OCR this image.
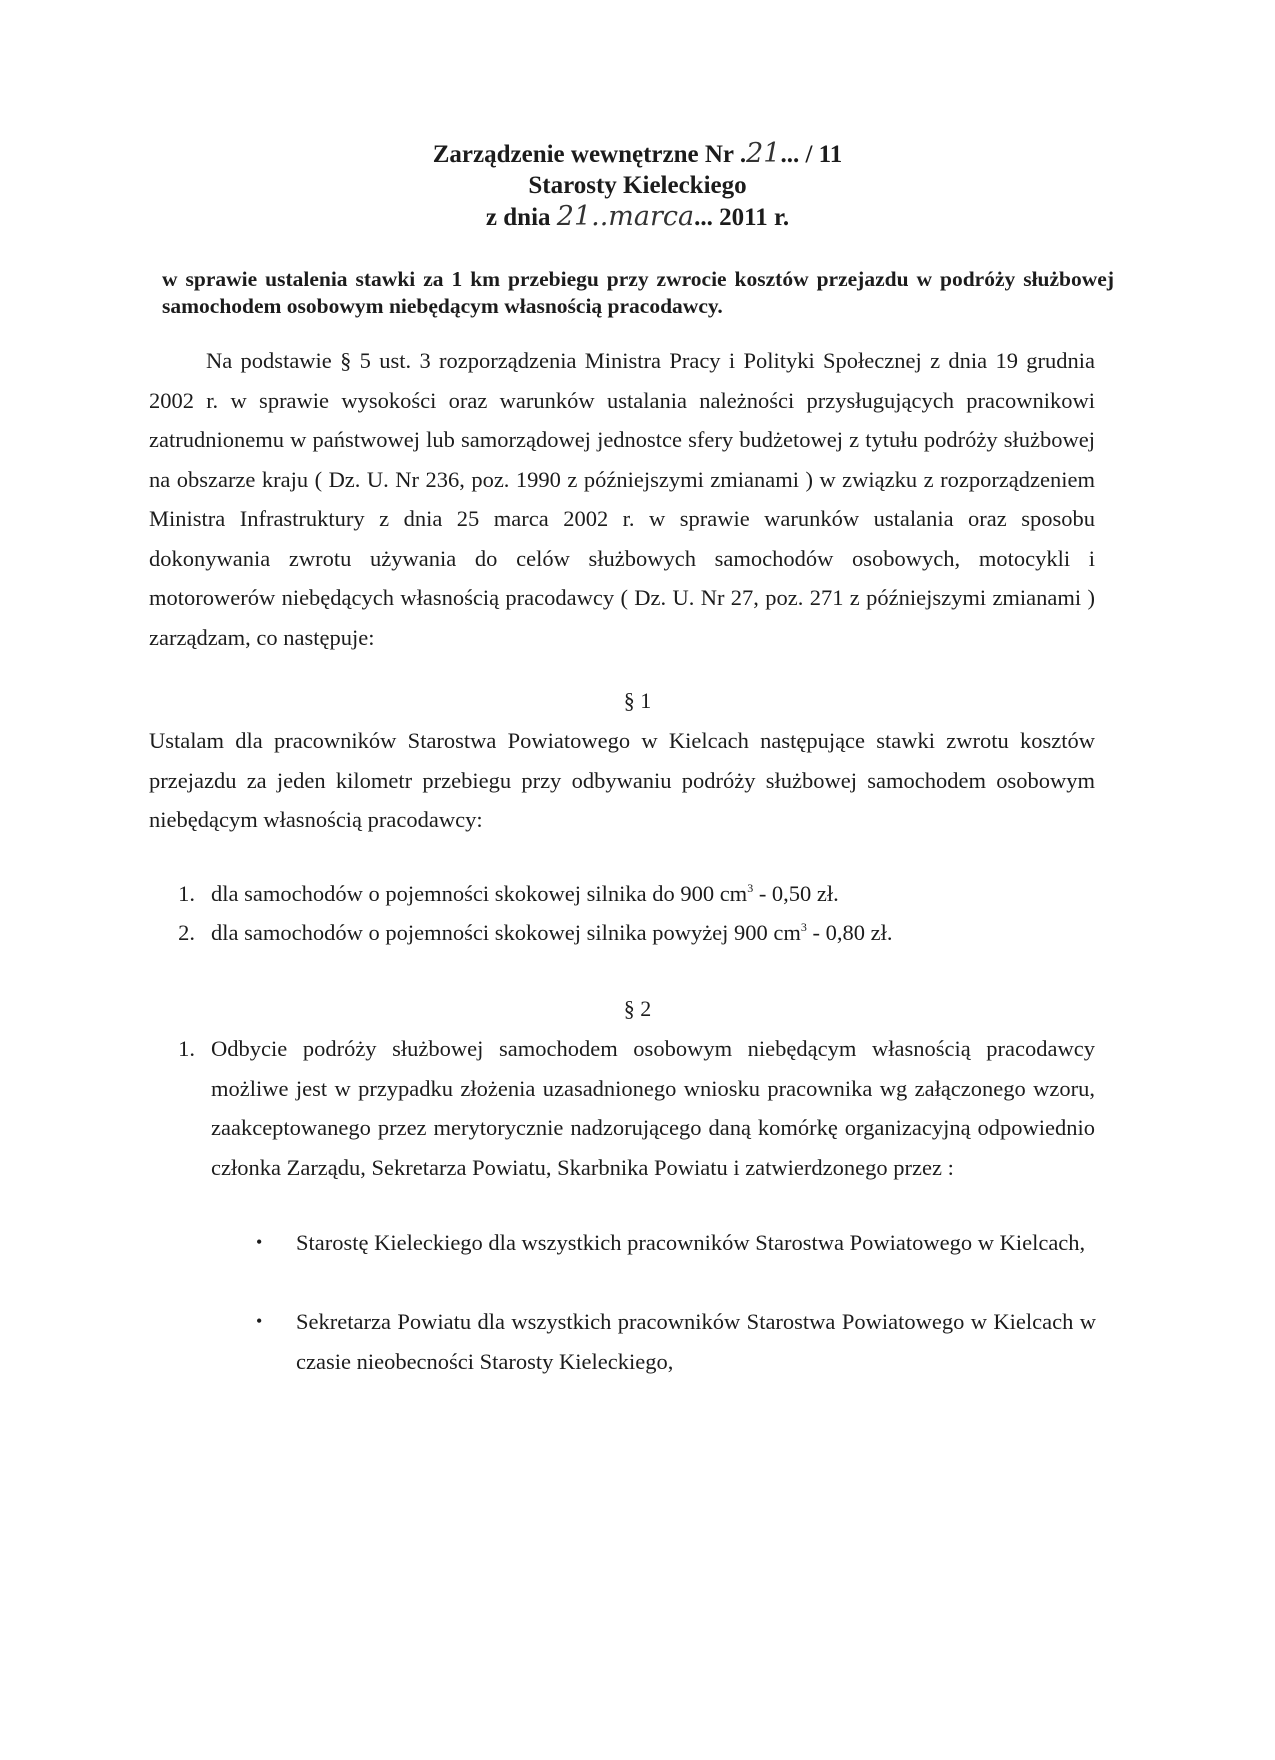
Zarządzenie wewnętrzne Nr .21... / 11
Starosty Kieleckiego
z dnia 21..marca... 2011 r.
w sprawie ustalenia stawki za 1 km przebiegu przy zwrocie kosztów przejazdu w podróży służbowej samochodem osobowym niebędącym własnością pracodawcy.
Na podstawie § 5 ust. 3 rozporządzenia Ministra Pracy i Polityki Społecznej z dnia 19 grudnia 2002 r. w sprawie wysokości oraz warunków ustalania należności przysługujących pracownikowi zatrudnionemu w państwowej lub samorządowej jednostce sfery budżetowej z tytułu podróży służbowej na obszarze kraju ( Dz. U. Nr 236, poz. 1990 z późniejszymi zmianami ) w związku z rozporządzeniem Ministra Infrastruktury z dnia 25 marca 2002 r. w sprawie warunków ustalania oraz sposobu dokonywania zwrotu używania do celów służbowych samochodów osobowych, motocykli i motorowerów niebędących własnością pracodawcy ( Dz. U. Nr 27, poz. 271 z późniejszymi zmianami ) zarządzam, co następuje:
§ 1
Ustalam dla pracowników Starostwa Powiatowego w Kielcach następujące stawki zwrotu kosztów przejazdu za jeden kilometr przebiegu przy odbywaniu podróży służbowej samochodem osobowym niebędącym własnością pracodawcy:
1. dla samochodów o pojemności skokowej silnika do 900 $cm^3 - 0,50$ zł.
2. dla samochodów o pojemności skokowej silnika powyżej 900 $cm^3 - 0,80$ zł.
§ 2
1. Odbycie podróży służbowej samochodem osobowym niebędącym własnością pracodawcy możliwe jest w przypadku złożenia uzasadnionego wniosku pracownika wg załączonego wzoru, zaakceptowanego przez merytorycznie nadzorującego daną komórkę organizacyjną odpowiednio członka Zarządu, Sekretarza Powiatu, Skarbnika Powiatu i zatwierdzonego przez :
•	Starostę Kieleckiego dla wszystkich pracowników Starostwa Powiatowego w Kielcach,
•	Sekretarza Powiatu dla wszystkich pracowników Starostwa Powiatowego w Kielcach w czasie nieobecności Starosty Kieleckiego,
